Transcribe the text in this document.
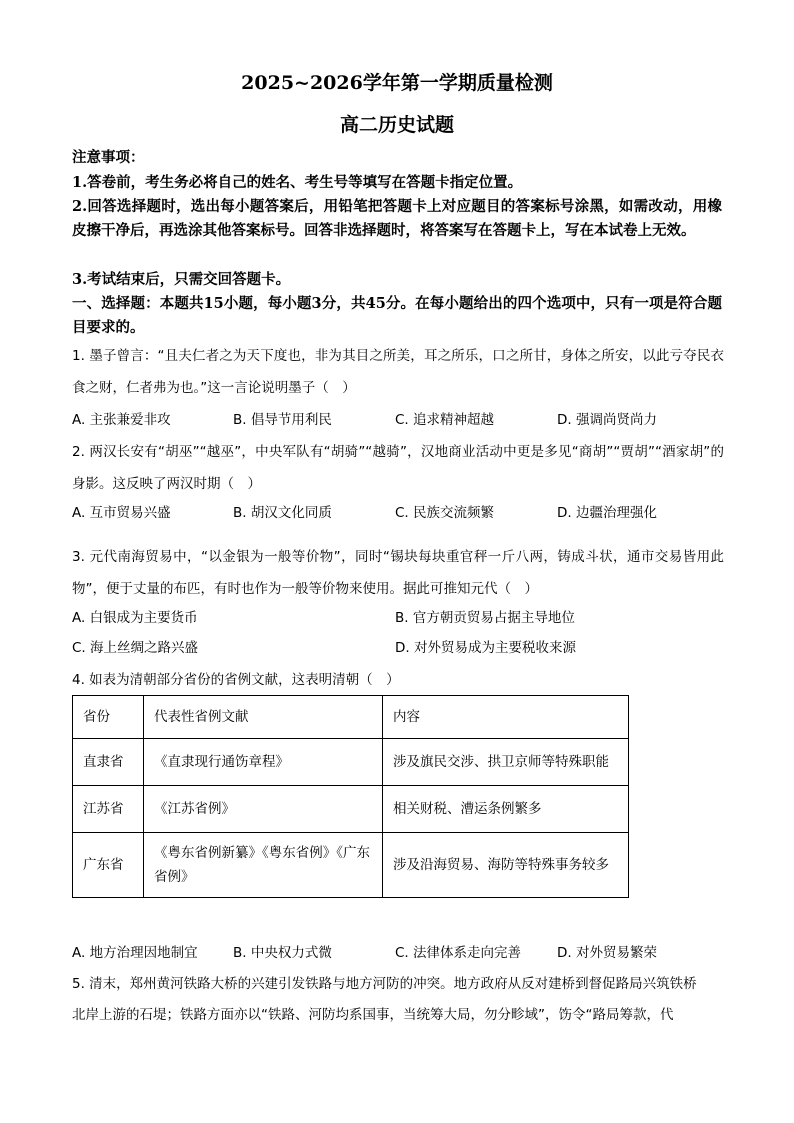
2025~2026学年第一学期质量检测
高二历史试题
注意事项：
1.答卷前，考生务必将自己的姓名、考生号等填写在答题卡指定位置。
2.回答选择题时，选出每小题答案后，用铅笔把答题卡上对应题目的答案标号涂黑，如需改动，用橡皮擦干净后，再选涂其他答案标号。回答非选择题时，将答案写在答题卡上，写在本试卷上无效。
3.考试结束后，只需交回答题卡。
一、选择题：本题共15小题，每小题3分，共45分。在每小题给出的四个选项中，只有一项是符合题目要求的。
1. 墨子曾言：“且夫仁者之为天下度也，非为其目之所美，耳之所乐，口之所甘，身体之所安，以此亏夺民衣食之财，仁者弗为也。”这一言论说明墨子（　）
A. 主张兼爱非攻	B. 倡导节用利民	C. 追求精神超越	D. 强调尚贤尚力
2. 两汉长安有“胡巫”“越巫”，中央军队有“胡骑”“越骑”，汉地商业活动中更是多见“商胡”“贾胡”“酒家胡”的身影。这反映了两汉时期（　）
A. 互市贸易兴盛	B. 胡汉文化同质	C. 民族交流频繁	D. 边疆治理强化
3. 元代南海贸易中，“以金银为一般等价物”，同时“锡块每块重官秤一斤八两，铸成斗状，通市交易皆用此物”，便于丈量的布匹，有时也作为一般等价物来使用。据此可推知元代（　）
A. 白银成为主要货币	B. 官方朝贡贸易占据主导地位
C. 海上丝绸之路兴盛	D. 对外贸易成为主要税收来源
4. 如表为清朝部分省份的省例文献，这表明清朝（　）
省份	代表性省例文献	内容
直隶省	《直隶现行通饬章程》	涉及旗民交涉、拱卫京师等特殊职能
江苏省	《江苏省例》	相关财税、漕运条例繁多
广东省	《粤东省例新纂》《粤东省例》《广东省例》	涉及沿海贸易、海防等特殊事务较多
A. 地方治理因地制宜	B. 中央权力式微	C. 法律体系走向完善	D. 对外贸易繁荣
5. 清末，郑州黄河铁路大桥的兴建引发铁路与地方河防的冲突。地方政府从反对建桥到督促路局兴筑铁桥
北岸上游的石堤；铁路方面亦以“铁路、河防均系国事，当统筹大局，勿分畛域”，饬令“路局筹款，代
